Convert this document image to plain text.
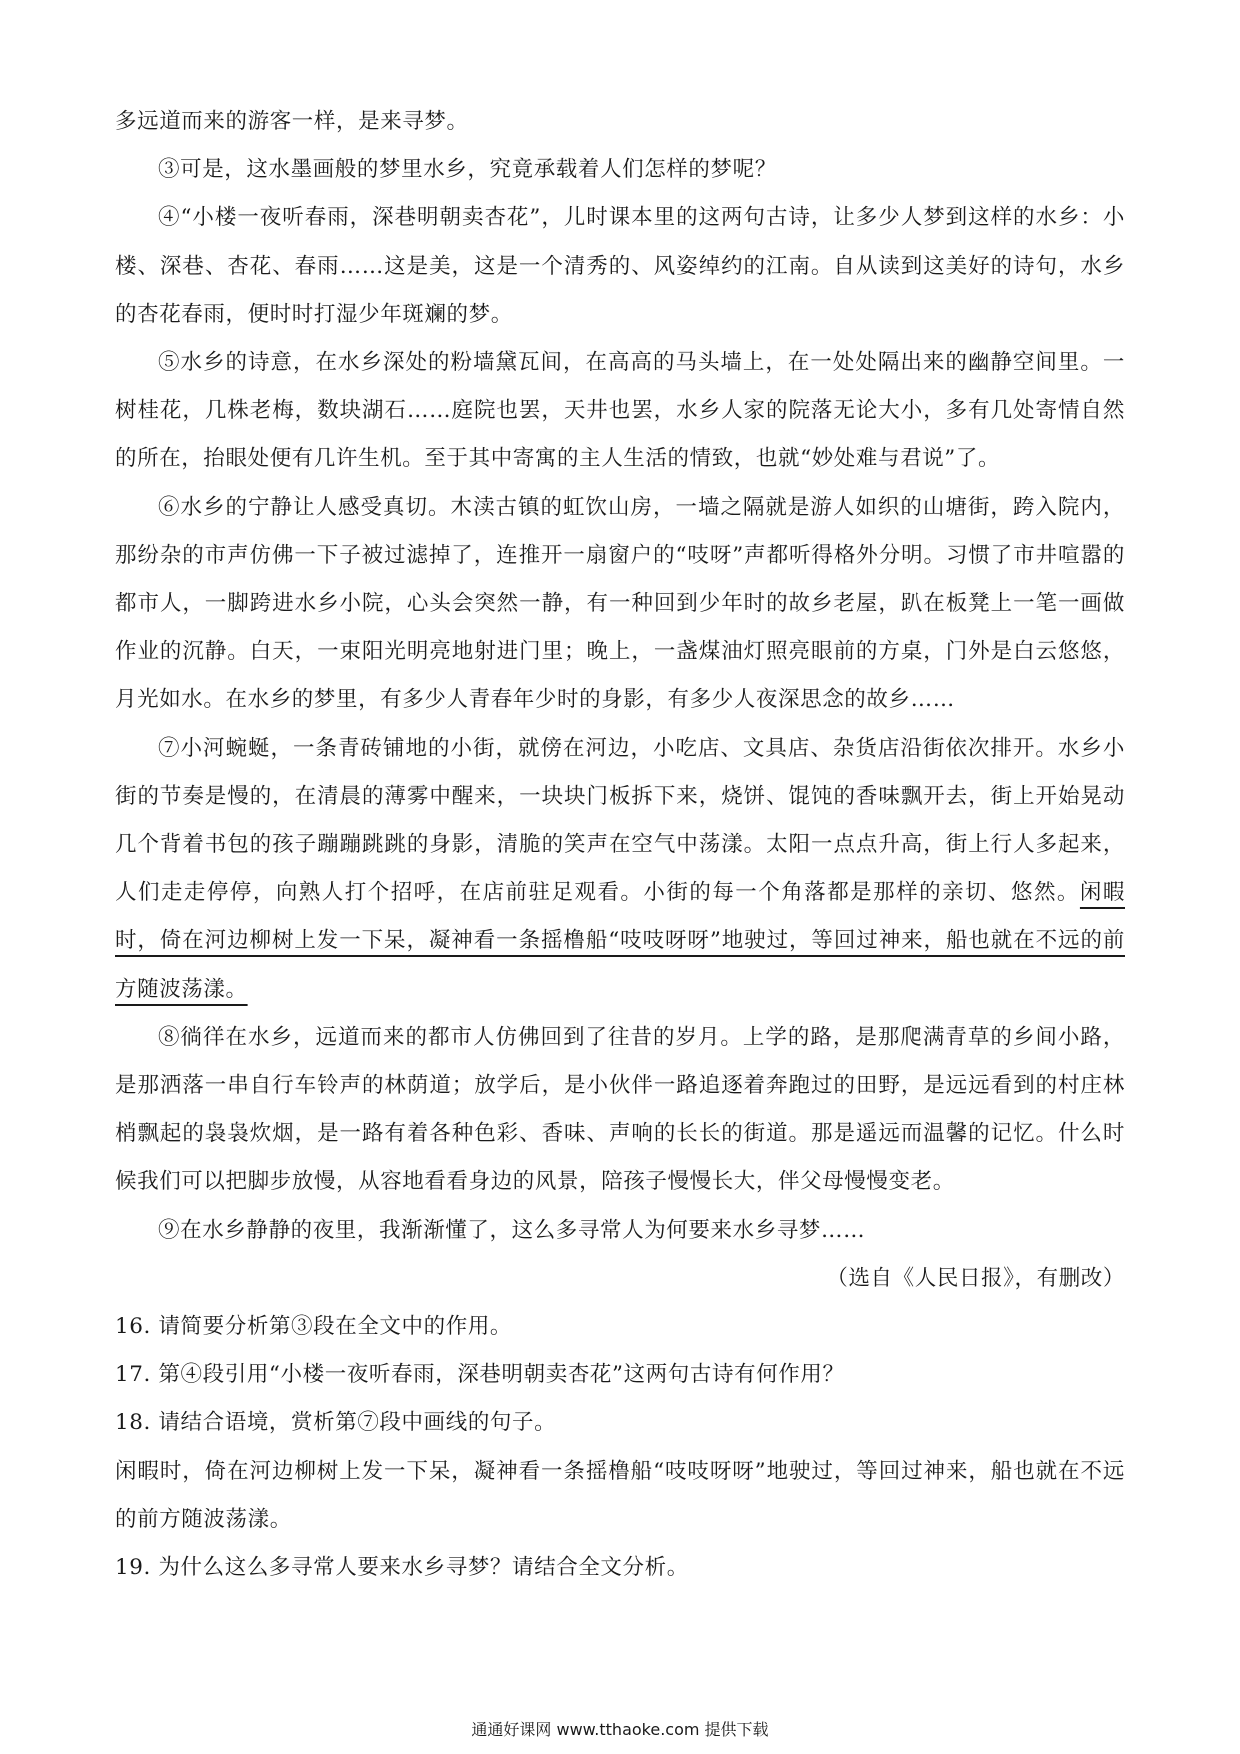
多远道而来的游客一样，是来寻梦。

③可是，这水墨画般的梦里水乡，究竟承载着人们怎样的梦呢？

④“小楼一夜听春雨，深巷明朝卖杏花”，儿时课本里的这两句古诗，让多少人梦到这样的水乡：小楼、深巷、杏花、春雨……这是美，这是一个清秀的、风姿绰约的江南。自从读到这美好的诗句，水乡的杏花春雨，便时时打湿少年斑斓的梦。

⑤水乡的诗意，在水乡深处的粉墙黛瓦间，在高高的马头墙上，在一处处隔出来的幽静空间里。一树桂花，几株老梅，数块湖石……庭院也罢，天井也罢，水乡人家的院落无论大小，多有几处寄情自然的所在，抬眼处便有几许生机。至于其中寄寓的主人生活的情致，也就“妙处难与君说”了。

⑥水乡的宁静让人感受真切。木渎古镇的虹饮山房，一墙之隔就是游人如织的山塘街，跨入院内，那纷杂的市声仿佛一下子被过滤掉了，连推开一扇窗户的“吱呀”声都听得格外分明。习惯了市井喧嚣的都市人，一脚跨进水乡小院，心头会突然一静，有一种回到少年时的故乡老屋，趴在板凳上一笔一画做作业的沉静。白天，一束阳光明亮地射进门里；晚上，一盏煤油灯照亮眼前的方桌，门外是白云悠悠，月光如水。在水乡的梦里，有多少人青春年少时的身影，有多少人夜深思念的故乡……

⑦小河蜿蜒，一条青砖铺地的小街，就傍在河边，小吃店、文具店、杂货店沿街依次排开。水乡小街的节奏是慢的，在清晨的薄雾中醒来，一块块门板拆下来，烧饼、馄饨的香味飘开去，街上开始晃动几个背着书包的孩子蹦蹦跳跳的身影，清脆的笑声在空气中荡漾。太阳一点点升高，街上行人多起来，人们走走停停，向熟人打个招呼，在店前驻足观看。小街的每一个角落都是那样的亲切、悠然。闲暇时，倚在河边柳树上发一下呆，凝神看一条摇橹船“吱吱呀呀”地驶过，等回过神来，船也就在不远的前方随波荡漾。

⑧徜徉在水乡，远道而来的都市人仿佛回到了往昔的岁月。上学的路，是那爬满青草的乡间小路，是那洒落一串自行车铃声的林荫道；放学后，是小伙伴一路追逐着奔跑过的田野，是远远看到的村庄林梢飘起的袅袅炊烟，是一路有着各种色彩、香味、声响的长长的街道。那是遥远而温馨的记忆。什么时候我们可以把脚步放慢，从容地看看身边的风景，陪孩子慢慢长大，伴父母慢慢变老。

⑨在水乡静静的夜里，我渐渐懂了，这么多寻常人为何要来水乡寻梦……

（选自《人民日报》，有删改）

16. 请简要分析第③段在全文中的作用。

17. 第④段引用“小楼一夜听春雨，深巷明朝卖杏花”这两句古诗有何作用？

18. 请结合语境，赏析第⑦段中画线的句子。

闲暇时，倚在河边柳树上发一下呆，凝神看一条摇橹船“吱吱呀呀”地驶过，等回过神来，船也就在不远的前方随波荡漾。

19. 为什么这么多寻常人要来水乡寻梦？请结合全文分析。

通通好课网 www.tthaoke.com 提供下载
